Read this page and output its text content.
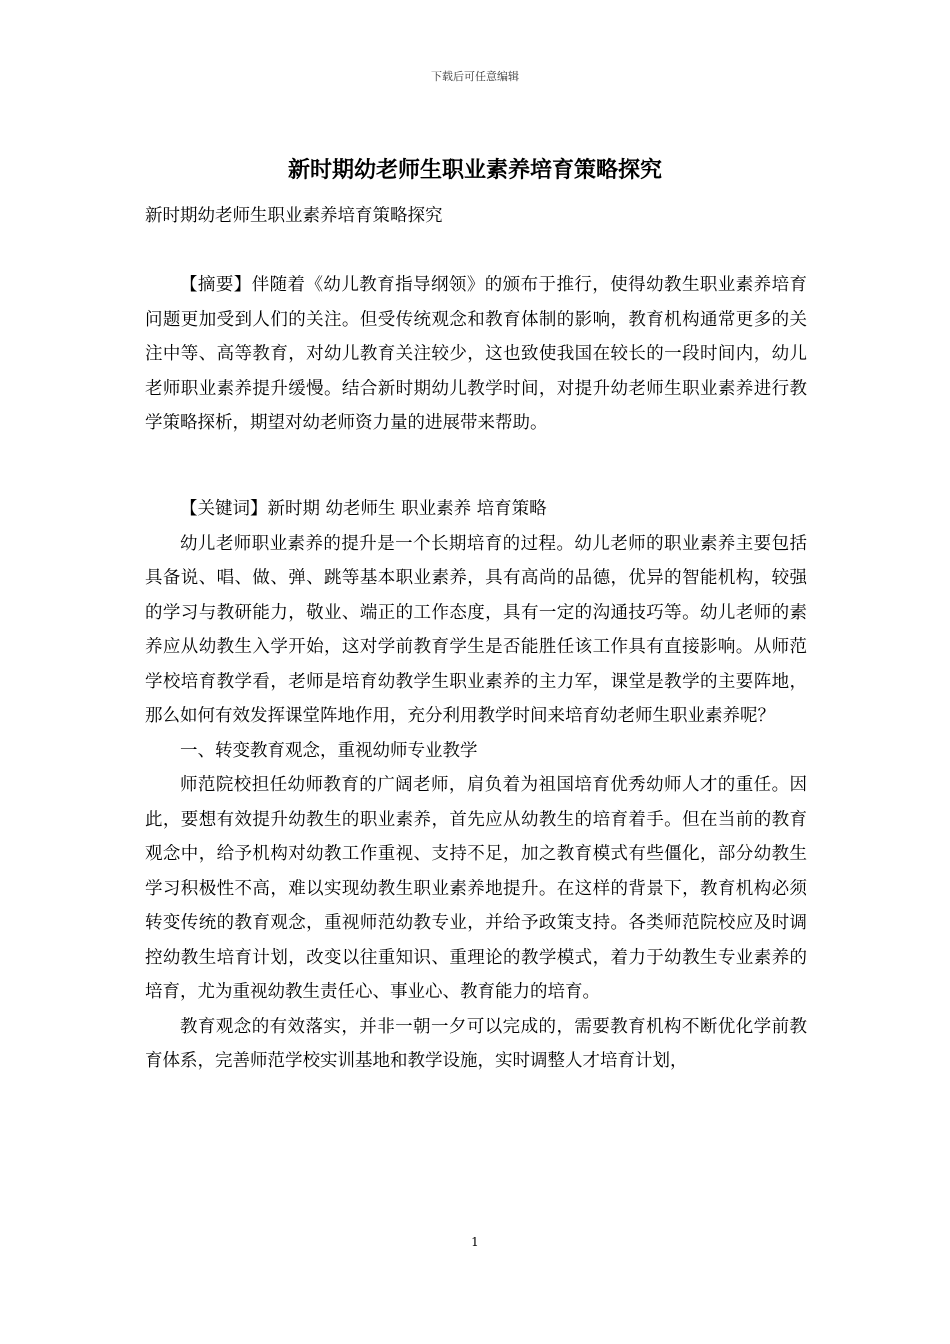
下载后可任意编辑
新时期幼老师生职业素养培育策略探究
新时期幼老师生职业素养培育策略探究

【摘要】伴随着《幼儿教育指导纲领》的颁布于推行，使得幼教生职业素养培育问题更加受到人们的关注。但受传统观念和教育体制的影响，教育机构通常更多的关注中等、高等教育，对幼儿教育关注较少，这也致使我国在较长的一段时间内，幼儿老师职业素养提升缓慢。结合新时期幼儿教学时间，对提升幼老师生职业素养进行教学策略探析，期望对幼老师资力量的进展带来帮助。

【关键词】新时期 幼老师生 职业素养 培育策略

幼儿老师职业素养的提升是一个长期培育的过程。幼儿老师的职业素养主要包括具备说、唱、做、弹、跳等基本职业素养，具有高尚的品德，优异的智能机构，较强的学习与教研能力，敬业、端正的工作态度，具有一定的沟通技巧等。幼儿老师的素养应从幼教生入学开始，这对学前教育学生是否能胜任该工作具有直接影响。从师范学校培育教学看，老师是培育幼教学生职业素养的主力军，课堂是教学的主要阵地，那么如何有效发挥课堂阵地作用，充分利用教学时间来培育幼老师生职业素养呢？

一、转变教育观念，重视幼师专业教学

师范院校担任幼师教育的广阔老师，肩负着为祖国培育优秀幼师人才的重任。因此，要想有效提升幼教生的职业素养，首先应从幼教生的培育着手。但在当前的教育观念中，给予机构对幼教工作重视、支持不足，加之教育模式有些僵化，部分幼教生学习积极性不高，难以实现幼教生职业素养地提升。在这样的背景下，教育机构必须转变传统的教育观念，重视师范幼教专业，并给予政策支持。各类师范院校应及时调控幼教生培育计划，改变以往重知识、重理论的教学模式，着力于幼教生专业素养的培育，尤为重视幼教生责任心、事业心、教育能力的培育。

教育观念的有效落实，并非一朝一夕可以完成的，需要教育机构不断优化学前教育体系，完善师范学校实训基地和教学设施，实时调整人才培育计划，

1
